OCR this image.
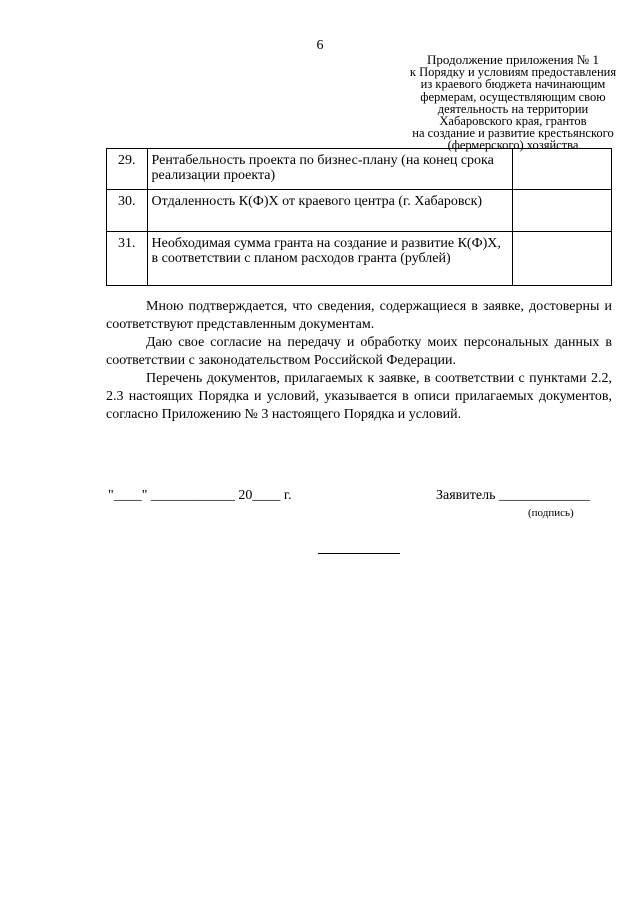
6
Продолжение приложения № 1
к Порядку и условиям предоставления
из краевого бюджета начинающим
фермерам, осуществляющим свою
деятельность на территории
Хабаровского края, грантов
на создание и развитие крестьянского
(фермерского) хозяйства
29.	Рентабельность проекта по бизнес-плану (на конец срока реализации проекта)	
30.	Отдаленность К(Ф)Х от краевого центра (г. Хабаровск)	
31.	Необходимая сумма гранта на создание и развитие К(Ф)Х, в соответствии с планом расходов гранта (рублей)	

Мною подтверждается, что сведения, содержащиеся в заявке, достоверны и соответствуют представленным документам.

Даю свое согласие на передачу и обработку моих персональных данных в соответствии с законодательством Российской Федерации.

Перечень документов, прилагаемых к заявке, в соответствии с пунктами 2.2, 2.3 настоящих Порядка и условий, указывается в описи прилагаемых документов, согласно Приложению № 3 настоящего Порядка и условий.

"____" ____________ 20____ г.	Заявитель _____________
(подпись)
